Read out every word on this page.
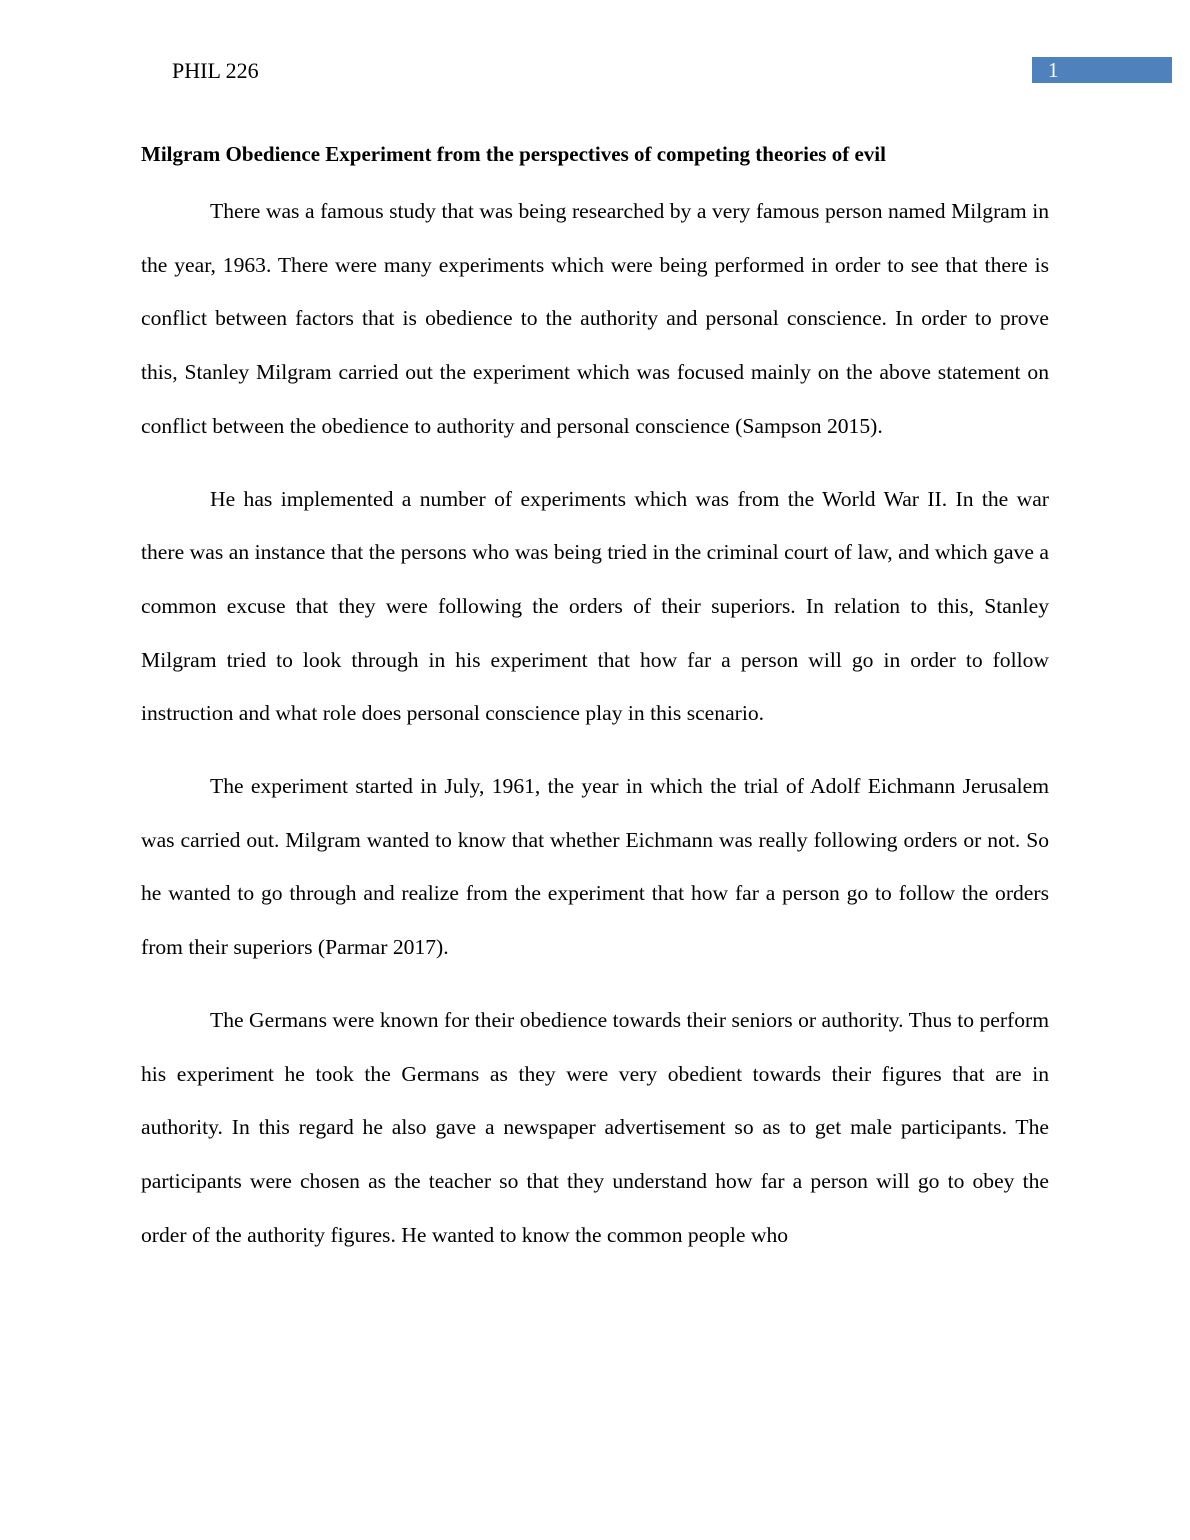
PHIL 226	1
Milgram Obedience Experiment from the perspectives of competing theories of evil

There was a famous study that was being researched by a very famous person named Milgram in the year, 1963. There were many experiments which were being performed in order to see that there is conflict between factors that is obedience to the authority and personal conscience. In order to prove this, Stanley Milgram carried out the experiment which was focused mainly on the above statement on conflict between the obedience to authority and personal conscience (Sampson 2015).

He has implemented a number of experiments which was from the World War II. In the war there was an instance that the persons who was being tried in the criminal court of law, and which gave a common excuse that they were following the orders of their superiors. In relation to this, Stanley Milgram tried to look through in his experiment that how far a person will go in order to follow instruction and what role does personal conscience play in this scenario.

The experiment started in July, 1961, the year in which the trial of Adolf Eichmann Jerusalem was carried out. Milgram wanted to know that whether Eichmann was really following orders or not. So he wanted to go through and realize from the experiment that how far a person go to follow the orders from their superiors (Parmar 2017).

The Germans were known for their obedience towards their seniors or authority. Thus to perform his experiment he took the Germans as they were very obedient towards their figures that are in authority. In this regard he also gave a newspaper advertisement so as to get male participants. The participants were chosen as the teacher so that they understand how far a person will go to obey the order of the authority figures. He wanted to know the common people who
